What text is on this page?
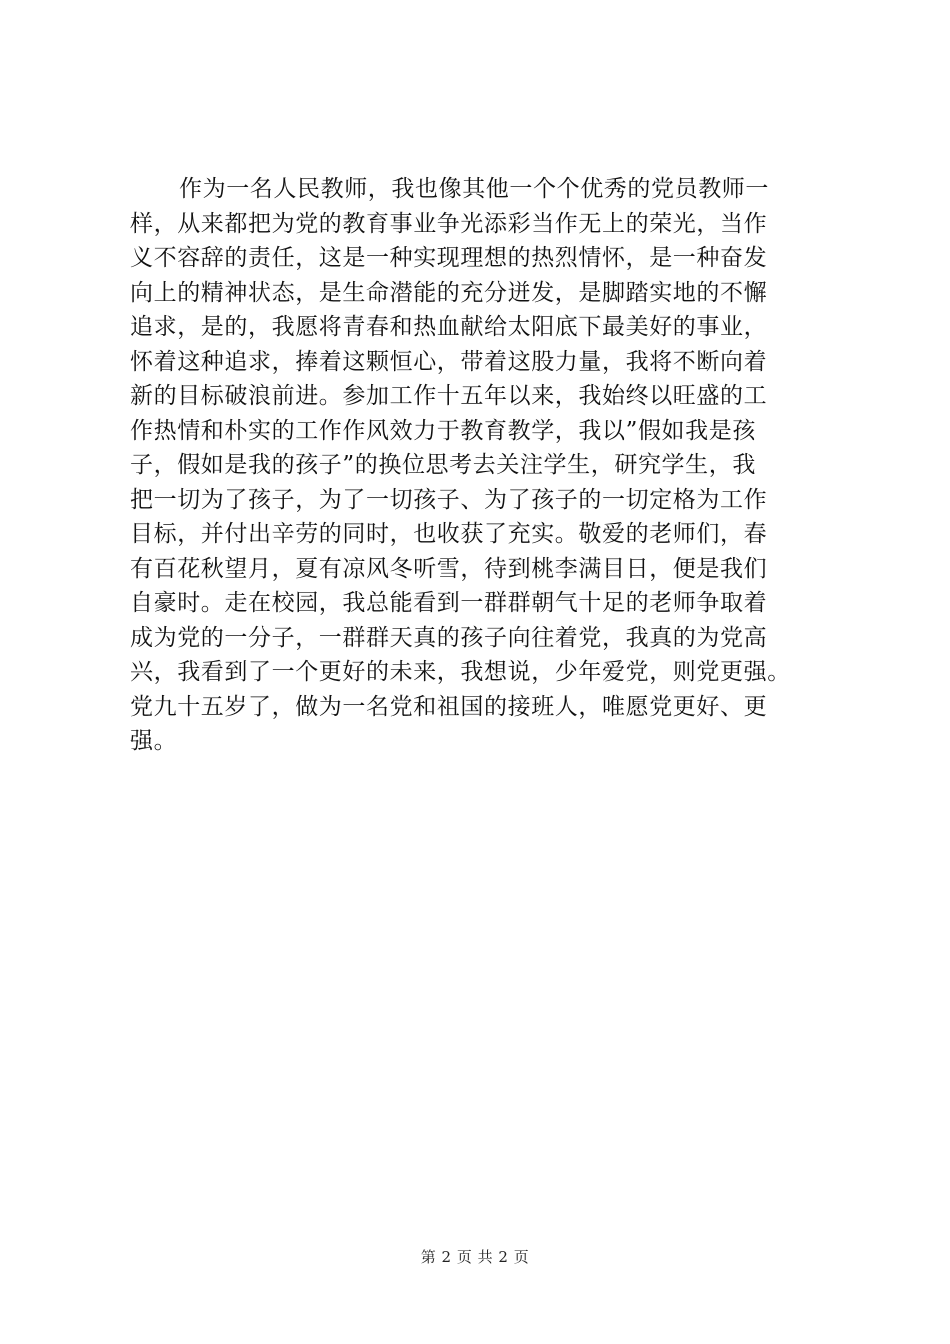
作为一名人民教师，我也像其他一个个优秀的党员教师一
样，从来都把为党的教育事业争光添彩当作无上的荣光，当作
义不容辞的责任，这是一种实现理想的热烈情怀，是一种奋发
向上的精神状态，是生命潜能的充分迸发，是脚踏实地的不懈
追求，是的，我愿将青春和热血献给太阳底下最美好的事业，
怀着这种追求，捧着这颗恒心，带着这股力量，我将不断向着
新的目标破浪前进。参加工作十五年以来，我始终以旺盛的工
作热情和朴实的工作作风效力于教育教学，我以”假如我是孩
子，假如是我的孩子”的换位思考去关注学生，研究学生，我
把一切为了孩子，为了一切孩子、为了孩子的一切定格为工作
目标，并付出辛劳的同时，也收获了充实。敬爱的老师们，春
有百花秋望月，夏有凉风冬听雪，待到桃李满目日，便是我们
自豪时。走在校园，我总能看到一群群朝气十足的老师争取着
成为党的一分子，一群群天真的孩子向往着党，我真的为党高
兴，我看到了一个更好的未来，我想说，少年爱党，则党更强。
党九十五岁了，做为一名党和祖国的接班人，唯愿党更好、更
强。
第 2 页 共 2 页
